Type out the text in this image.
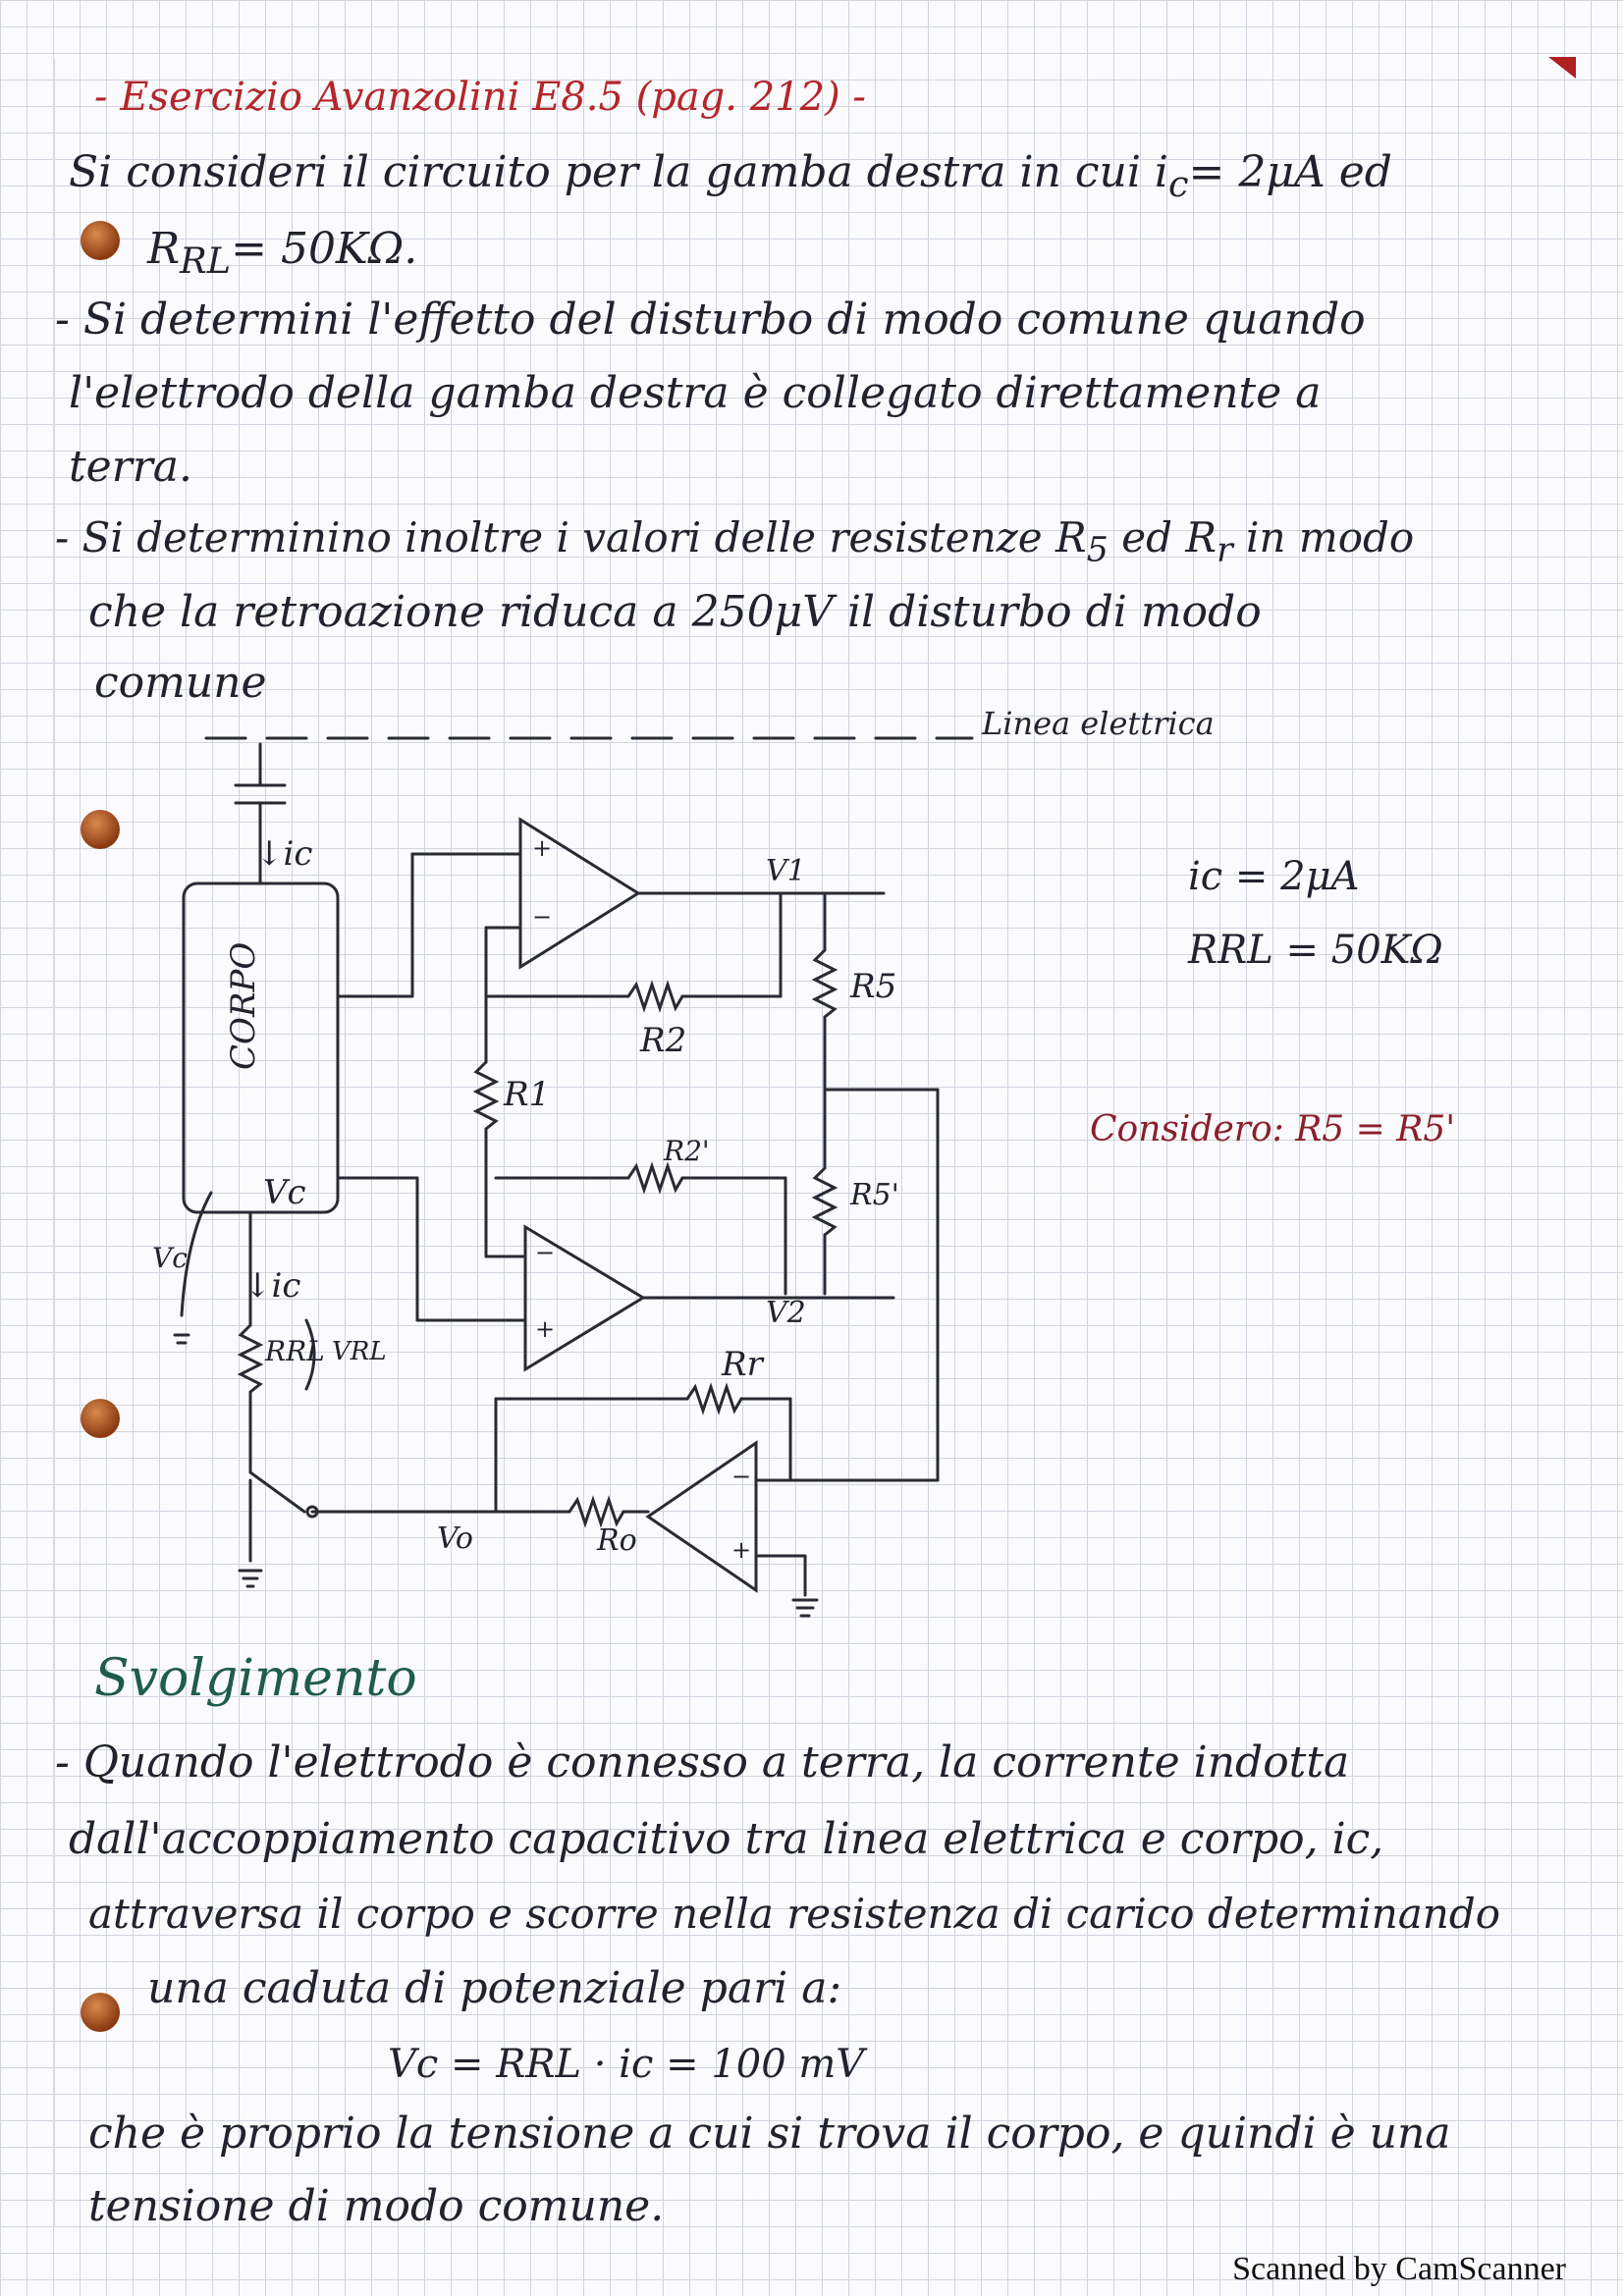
- Esercizio Avanzolini E8.5 (pag. 212) -
Si consideri il circuito per la gamba destra in cui $i_c= 2\mu A$ ed
$R_{RL}= 50K\Omega$.
- Si determini l'effetto del disturbo di modo comune quando
l'elettrodo della gamba destra è collegato direttamente a
terra.
- Si determinino inoltre i valori delle resistenze $R_5$ ed $R_r$ in modo
che la retroazione riduca a 250μV il disturbo di modo
comune
Linea elettrica
↓ic
CORPO
Vc
Vc
↓ic
RRL VRL
R1
R2
R2'
R5
R5'
Rr
Ro
V1
V2
Vo
+
−
−
+
−
+
ic = 2μA
RRL = 50KΩ
Considero: R5 = R5'
Svolgimento
- Quando l'elettrodo è connesso a terra, la corrente indotta
dall'accoppiamento capacitivo tra linea elettrica e corpo, ic,
attraversa il corpo e scorre nella resistenza di carico determinando
una caduta di potenziale pari a:
Vc = RRL · ic = 100 mV
che è proprio la tensione a cui si trova il corpo, e quindi è una
tensione di modo comune.
Scanned by CamScanner
